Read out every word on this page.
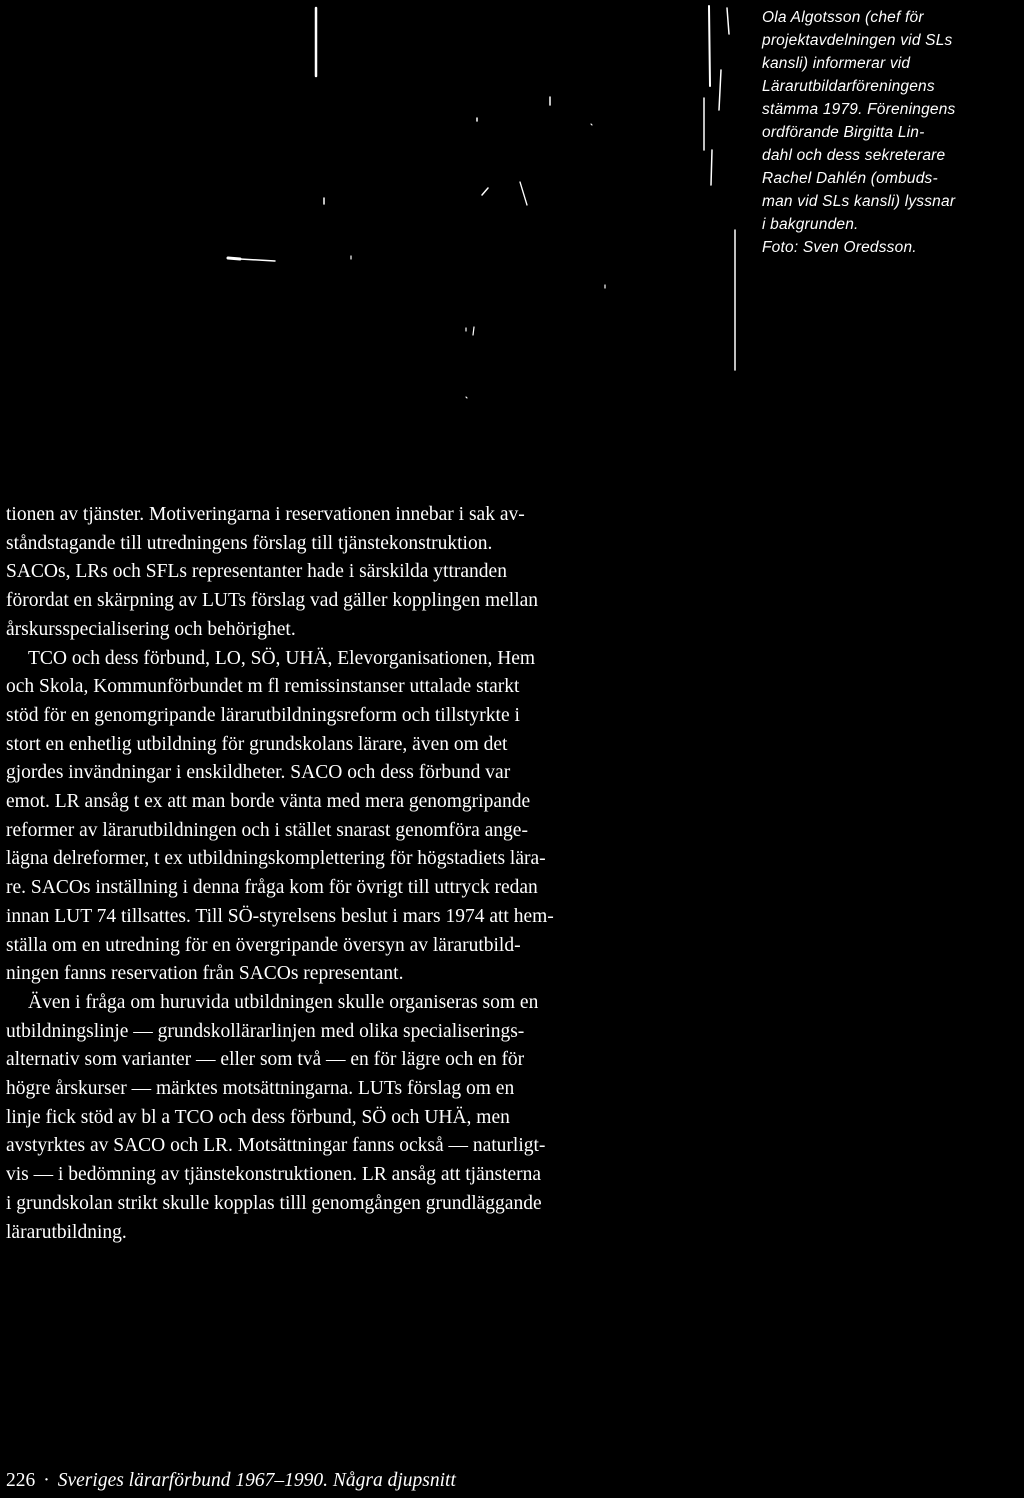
Ola Algotsson (chef för
projektavdelningen vid SLs
kansli) informerar vid
Lärarutbildarföreningens
stämma 1979. Föreningens
ordförande Birgitta Lin-
dahl och dess sekreterare
Rachel Dahlén (ombuds-
man vid SLs kansli) lyssnar
i bakgrunden.
Foto: Sven Oredsson.
tionen av tjänster. Motiveringarna i reservationen innebar i sak av-
ståndstagande till utredningens förslag till tjänstekonstruktion.
SACOs, LRs och SFLs representanter hade i särskilda yttranden
förordat en skärpning av LUTs förslag vad gäller kopplingen mellan
årskursspecialisering och behörighet.
TCO och dess förbund, LO, SÖ, UHÄ, Elevorganisationen, Hem
och Skola, Kommunförbundet m fl remissinstanser uttalade starkt
stöd för en genomgripande lärarutbildningsreform och tillstyrkte i
stort en enhetlig utbildning för grundskolans lärare, även om det
gjordes invändningar i enskildheter. SACO och dess förbund var
emot. LR ansåg t ex att man borde vänta med mera genomgripande
reformer av lärarutbildningen och i stället snarast genomföra ange-
lägna delreformer, t ex utbildningskomplettering för högstadiets lära-
re. SACOs inställning i denna fråga kom för övrigt till uttryck redan
innan LUT 74 tillsattes. Till SÖ-styrelsens beslut i mars 1974 att hem-
ställa om en utredning för en övergripande översyn av lärarutbild-
ningen fanns reservation från SACOs representant.
Även i fråga om huruvida utbildningen skulle organiseras som en
utbildningslinje — grundskollärarlinjen med olika specialiserings-
alternativ som varianter — eller som två — en för lägre och en för
högre årskurser — märktes motsättningarna. LUTs förslag om en
linje fick stöd av bl a TCO och dess förbund, SÖ och UHÄ, men
avstyrktes av SACO och LR. Motsättningar fanns också — naturligt-
vis — i bedömning av tjänstekonstruktionen. LR ansåg att tjänsterna
i grundskolan strikt skulle kopplas tilll genomgången grundläggande
lärarutbildning.
226 · Sveriges lärarförbund 1967–1990. Några djupsnitt
